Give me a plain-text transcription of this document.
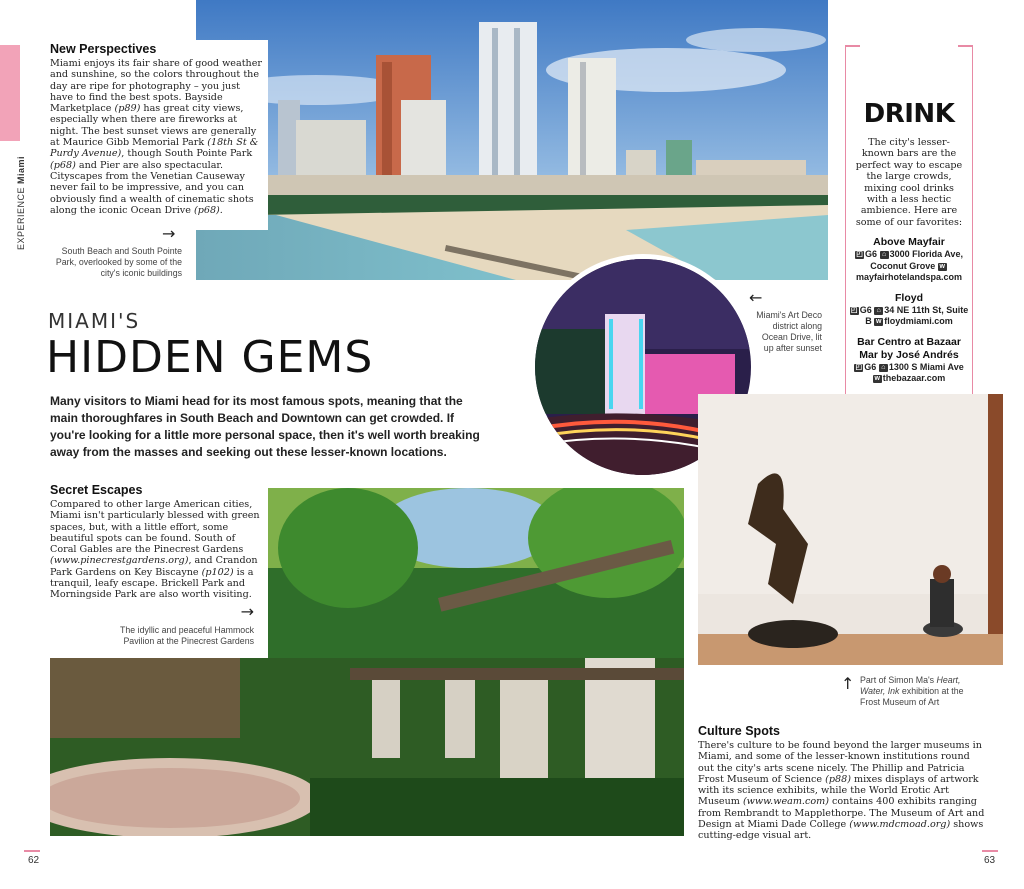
EXPERIENCE Miami
New Perspectives
Miami enjoys its fair share of good weather and sunshine, so the colors throughout the day are ripe for photography – you just have to find the best spots. Bayside Marketplace (p89) has great city views, especially when there are fireworks at night. The best sunset views are generally at Maurice Gibb Memorial Park (18th St & Purdy Avenue), though South Pointe Park (p68) and Pier are also spectacular. Cityscapes from the Venetian Causeway never fail to be impressive, and you can obviously find a wealth of cinematic shots along the iconic Ocean Drive (p68).
→
South Beach and South Pointe Park, overlooked by some of the city's iconic buildings
MIAMI'S
HIDDEN GEMS
Many visitors to Miami head for its most famous spots, meaning that the main thoroughfares in South Beach and Downtown can get crowded. If you're looking for a little more personal space, then it's well worth breaking away from the masses and seeking out these lesser-known locations.
←
Miami's Art Deco district along Ocean Drive, lit up after sunset
DRINK
The city's lesser-known bars are the perfect way to escape the large crowds, mixing cool drinks with a less hectic ambience. Here are some of our favorites:
Above Mayfair
◰ G6 ⌂ 3000 Florida Ave, Coconut Grove wmayfairhotelandspa.com
Floyd
◰ G6 ⌂ 34 NE 11th St, Suite B w floydmiami.com
Bar Centro at Bazaar Mar by José Andrés
◰ G6 ⌂ 1300 S Miami Ave w thebazaar.com
Secret Escapes
Compared to other large American cities, Miami isn't particularly blessed with green spaces, but, with a little effort, some beautiful spots can be found. South of Coral Gables are the Pinecrest Gardens (www.pinecrestgardens.org), and Crandon Park Gardens on Key Biscayne (p102) is a tranquil, leafy escape. Brickell Park and Morningside Park are also worth visiting.
→
The idyllic and peaceful Hammock Pavilion at the Pinecrest Gardens
↑ Part of Simon Ma's Heart, Water, Ink exhibition at the Frost Museum of Art
Culture Spots
There's culture to be found beyond the larger museums in Miami, and some of the lesser-known institutions round out the city's arts scene nicely. The Phillip and Patricia Frost Museum of Science (p88) mixes displays of artwork with its science exhibits, while the World Erotic Art Museum (www.weam.com) contains 400 exhibits ranging from Rembrandt to Mapplethorpe. The Museum of Art and Design at Miami Dade College (www.mdcmoad.org) shows cutting-edge visual art.
62	63
